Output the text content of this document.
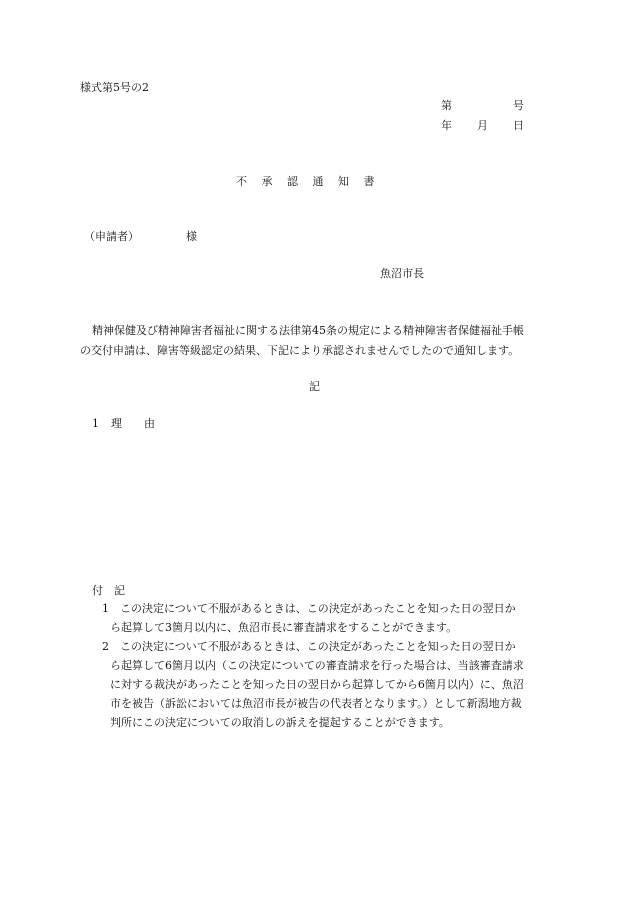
様式第5号の2
第	号
年 月 日
不承認通知書
（申請者）	様
魚沼市長
精神保健及び精神障害者福祉に関する法律第45条の規定による精神障害者保健福祉手帳
の交付申請は、障害等級認定の結果、下記により承認されませんでしたので通知します。
記
1 理　　由
付　記
1 この決定について不服があるときは、この決定があったことを知った日の翌日か
ら起算して3箇月以内に、魚沼市長に審査請求をすることができます。
2 この決定について不服があるときは、この決定があったことを知った日の翌日か
ら起算して6箇月以内（この決定についての審査請求を行った場合は、当該審査請求
に対する裁決があったことを知った日の翌日から起算してから6箇月以内）に、魚沼
市を被告（訴訟においては魚沼市長が被告の代表者となります。）として新潟地方裁
判所にこの決定についての取消しの訴えを提起することができます。
